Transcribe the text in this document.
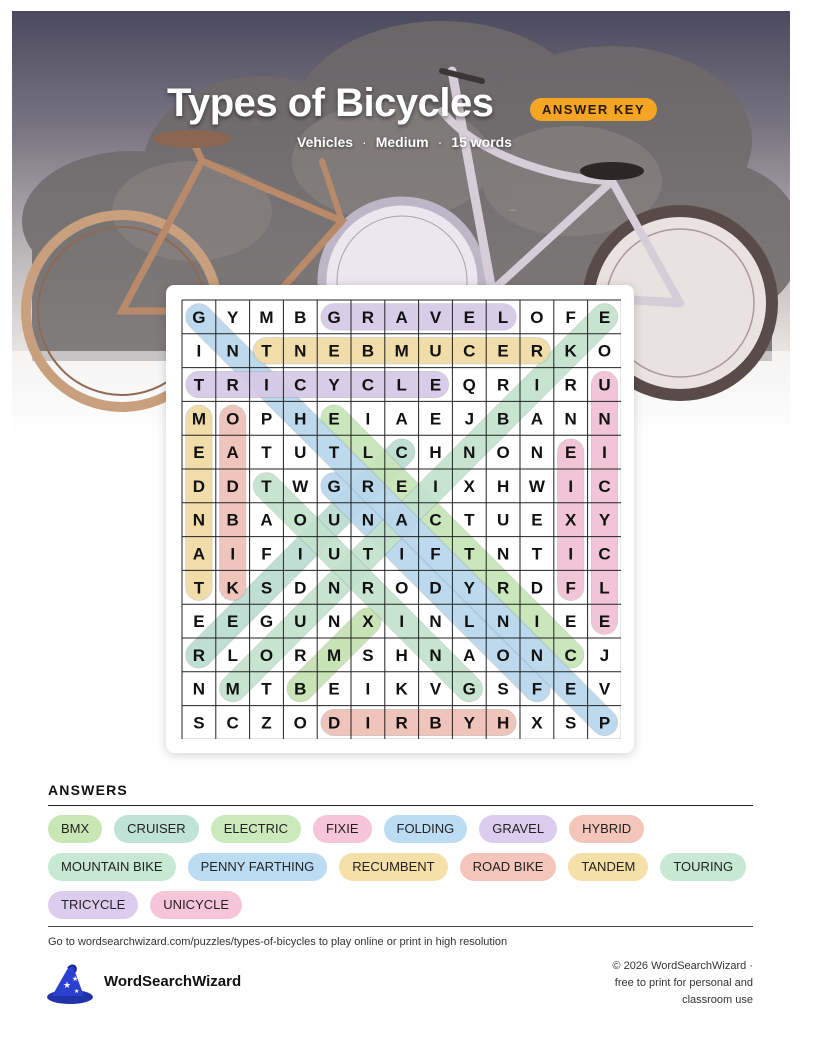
Types of Bicycles	ANSWER KEY
Vehicles · Medium · 15 words
G Y M B G R A V E L O F E
I N T N E B M U C E R K O
T R I C Y C L E Q R I R U
M O P H E I A E J B A N N
E A T U T L C H N O N E I
D D T W G R E I X H W I C
N B A O U N A C T U E X Y
A I F I U T I F T N T I C
T K S D N R O D Y R D F L
E E G U N X I N L N I E E
R L O R M S H N A O N C J
N M T B E I K V G S F E V
S C Z O D I R B Y H X S P
ANSWERS
BMX	CRUISER	ELECTRIC	FIXIE	FOLDING	GRAVEL	HYBRID
MOUNTAIN BIKE	PENNY FARTHING	RECUMBENT	ROAD BIKE	TANDEM	TOURING
TRICYCLE	UNICYCLE
Go to wordsearchwizard.com/puzzles/types-of-bicycles to play online or print in high resolution
★
★
★
WordSearchWizard
© 2026 WordSearchWizard ·
free to print for personal and
classroom use
